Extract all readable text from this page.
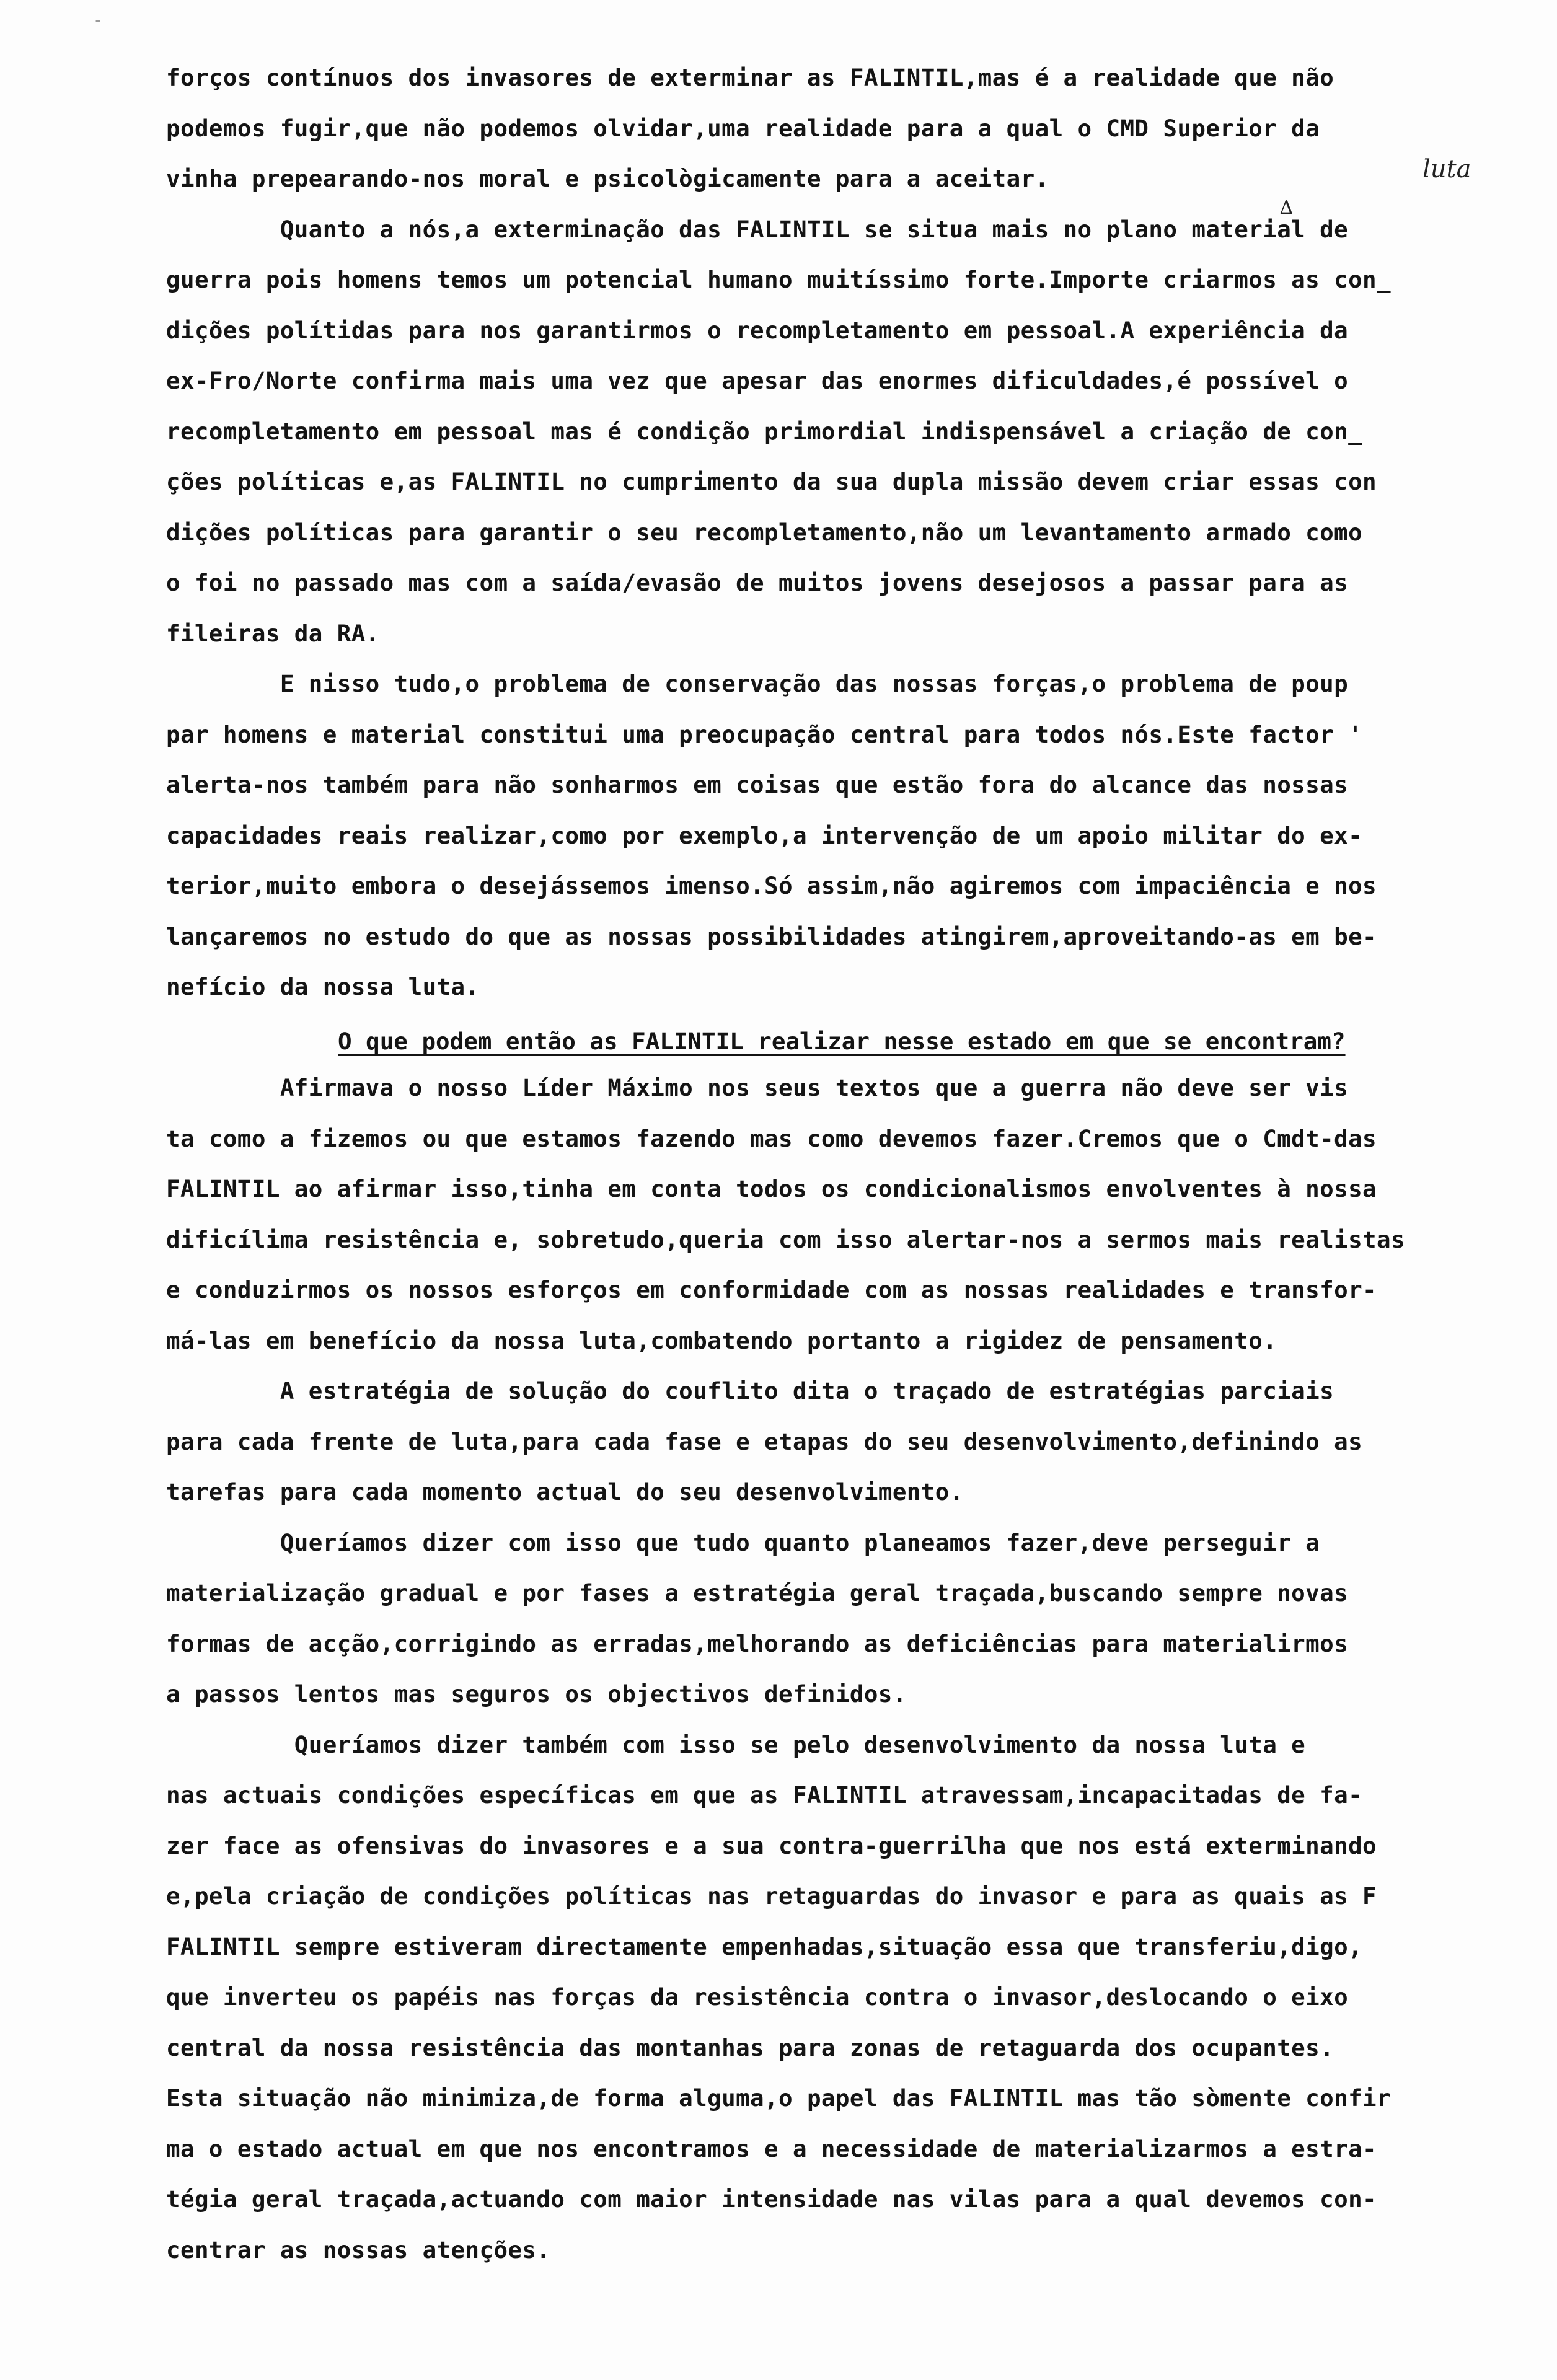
-
forços contínuos dos invasores de exterminar as FALINTIL,mas é a realidade que não
podemos fugir,que não podemos olvidar,uma realidade para a qual o CMD Superior da
vinha prepearando-nos moral e psicològicamente para a aceitar.
Quanto a nós,a exterminação das FALINTIL se situa mais no plano material de
guerra pois homens temos um potencial humano muitíssimo forte.Importe criarmos as con_
dições polítidas para nos garantirmos o recompletamento em pessoal.A experiência da
ex-Fro/Norte confirma mais uma vez que apesar das enormes dificuldades,é possível o
recompletamento em pessoal mas é condição primordial indispensável a criação de con_
ções políticas e,as FALINTIL no cumprimento da sua dupla missão devem criar essas con
dições políticas para garantir o seu recompletamento,não um levantamento armado como
o foi no passado mas com a saída/evasão de muitos jovens desejosos a passar para as
fileiras da RA.
E nisso tudo,o problema de conservação das nossas forças,o problema de poup
par homens e material constitui uma preocupação central para todos nós.Este factor '
alerta-nos também para não sonharmos em coisas que estão fora do alcance das nossas
capacidades reais realizar,como por exemplo,a intervenção de um apoio militar do ex-
terior,muito embora o desejássemos imenso.Só assim,não agiremos com impaciência e nos
lançaremos no estudo do que as nossas possibilidades atingirem,aproveitando-as em be-
nefício da nossa luta.
Afirmava o nosso Líder Máximo nos seus textos que a guerra não deve ser vis
ta como a fizemos ou que estamos fazendo mas como devemos fazer.Cremos que o Cmdt-das
FALINTIL ao afirmar isso,tinha em conta todos os condicionalismos envolventes à nossa
dificílima resistência e, sobretudo,queria com isso alertar-nos a sermos mais realistas
e conduzirmos os nossos esforços em conformidade com as nossas realidades e transfor-
má-las em benefício da nossa luta,combatendo portanto a rigidez de pensamento.
A estratégia de solução do couflito dita o traçado de estratégias parciais
para cada frente de luta,para cada fase e etapas do seu desenvolvimento,definindo as
tarefas para cada momento actual do seu desenvolvimento.
Queríamos dizer com isso que tudo quanto planeamos fazer,deve perseguir a
materialização gradual e por fases a estratégia geral traçada,buscando sempre novas
formas de acção,corrigindo as erradas,melhorando as deficiências para materialirmos
a passos lentos mas seguros os objectivos definidos.
Queríamos dizer também com isso se pelo desenvolvimento da nossa luta e
nas actuais condições específicas em que as FALINTIL atravessam,incapacitadas de fa-
zer face as ofensivas do invasores e a sua contra-guerrilha que nos está exterminando
e,pela criação de condições políticas nas retaguardas do invasor e para as quais as F
FALINTIL sempre estiveram directamente empenhadas,situação essa que transferiu,digo,
que inverteu os papéis nas forças da resistência contra o invasor,deslocando o eixo
central da nossa resistência das montanhas para zonas de retaguarda dos ocupantes.
Esta situação não minimiza,de forma alguma,o papel das FALINTIL mas tão sòmente confir
ma o estado actual em que nos encontramos e a necessidade de materializarmos a estra-
tégia geral traçada,actuando com maior intensidade nas vilas para a qual devemos con-
centrar as nossas atenções.
luta
∆
O que podem então as FALINTIL realizar nesse estado em que se encontram?
